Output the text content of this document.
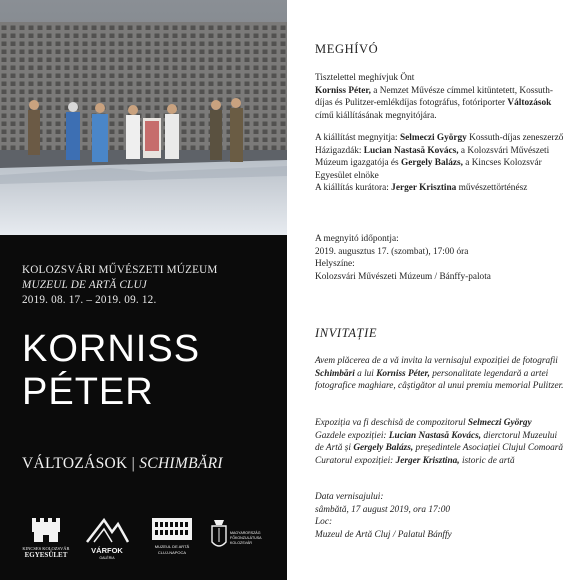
KOLOZSVÁRI MŰVÉSZETI MÚZEUM
MUZEUL DE ARTĂ CLUJ
2019. 08. 17. – 2019. 09. 12.
KORNISS
PÉTER
VÁLTOZÁSOK | SCHIMBĂRI
KINCSES KOLOZSVÁR
EGYESÜLET	VÁRFOK
GALÉRIA
MUZEUL DE ARTĂ
CLUJ-NAPOCA
MAGYARORSZÁG
FŐKONZULÁTUSA
KOLOZSVÁR
MEGHÍVÓ

Tisztelettel meghívjuk Önt

Korniss Péter, a Nemzet Művésze címmel kitüntetett, Kossuth-díjas és Pulitzer-emlékdíjas fotográfus, fotóriporter Változások című kiállításának megnyitójára.

A kiállítást megnyitja: Selmeczi György Kossuth-díjas zeneszerző

Házigazdák: Lucian Nastasă Kovács, a Kolozsvári Művészeti Múzeum igazgatója és Gergely Balázs, a Kincses Kolozsvár Egyesület elnöke

A kiállítás kurátora: Jerger Krisztina művészettörténész

A megnyitó időpontja:

2019. augusztus 17. (szombat), 17:00 óra

Helyszíne:

Kolozsvári Művészeti Múzeum / Bánffy-palota

INVITAȚIE

Avem plăcerea de a vă invita la vernisajul expoziției de fotografii Schimbări a lui Korniss Péter, personalitate legendară a artei fotografice maghiare, câștigător al unui premiu memorial Pulitzer.

Expoziția va fi deschisă de compozitorul Selmeczi György

Gazdele expoziției: Lucian Nastasă Kovács, dierctorul Muzeului de Artă și Gergely Balázs, președintele Asociației Clujul Comoară

Curatorul expoziției: Jerger Krisztina, istoric de artă

Data vernisajului:

sâmbătă, 17 august 2019, ora 17:00

Loc:

Muzeul de Artă Cluj / Palatul Bánffy
